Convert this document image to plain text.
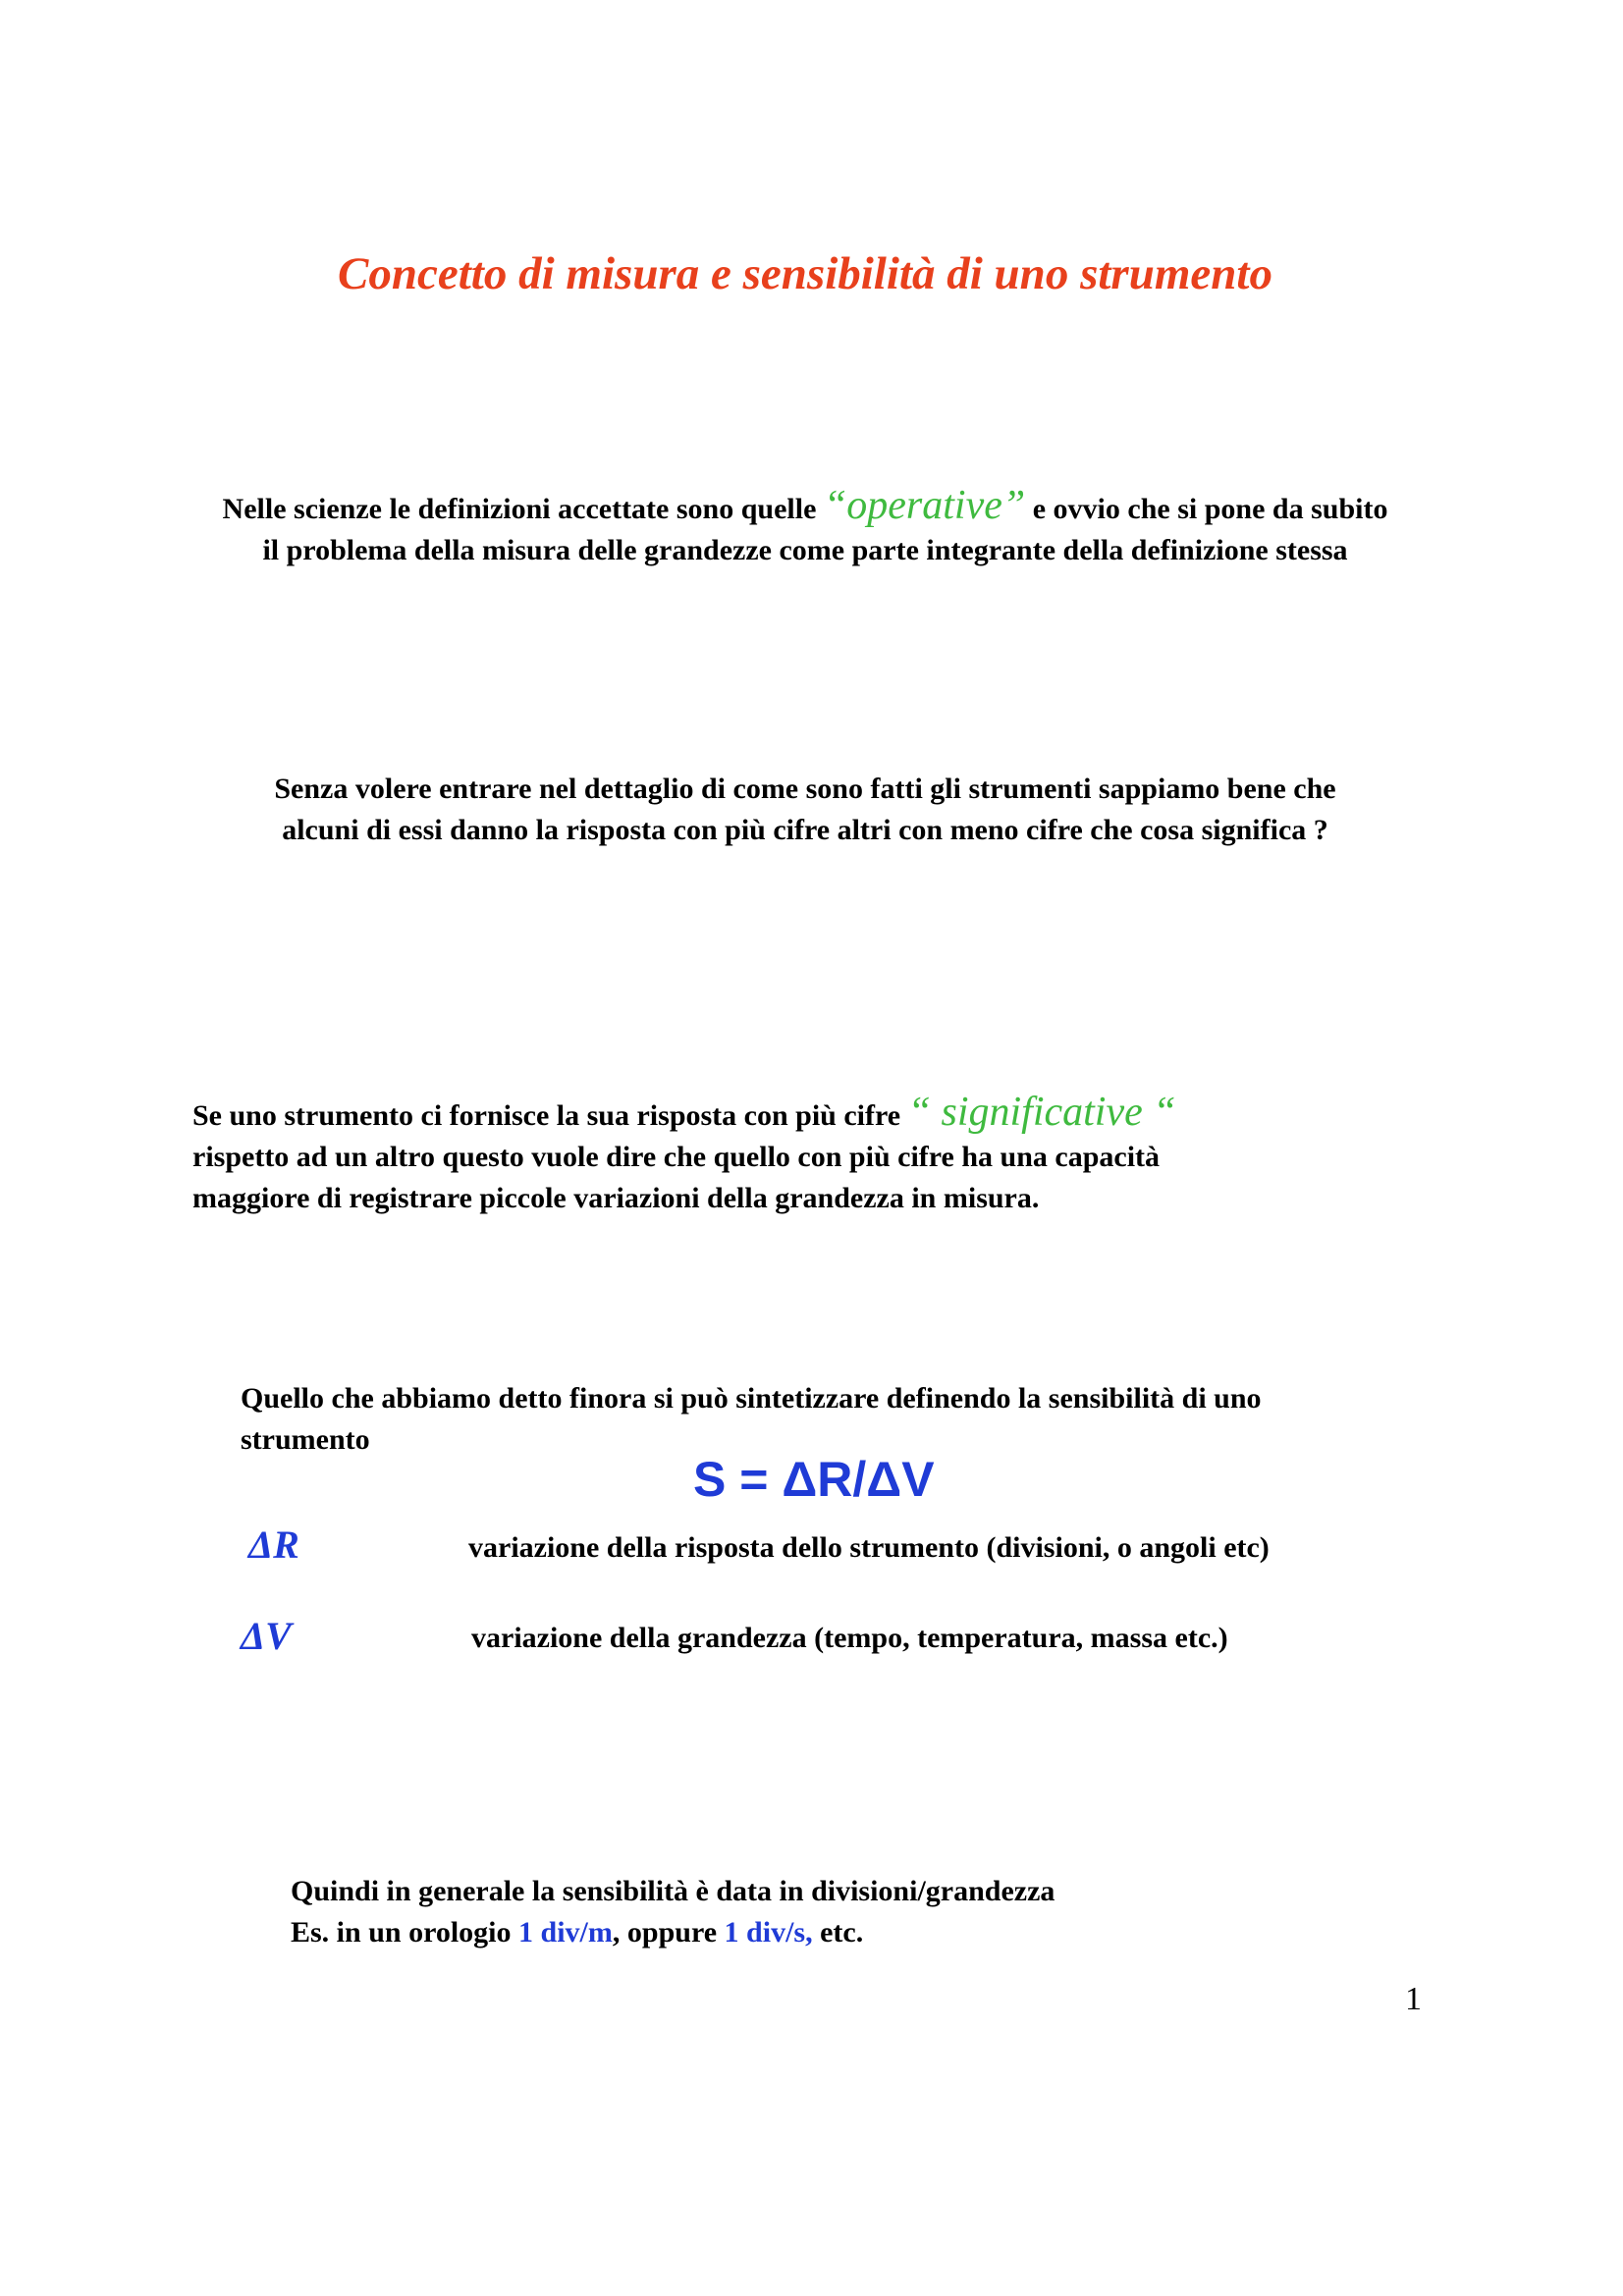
Concetto di misura e sensibilità di uno strumento
Nelle scienze le definizioni accettate sono quelle “operative” e ovvio che si pone da subito
il problema della misura delle grandezze come parte integrante della definizione stessa
Senza volere entrare nel dettaglio di come sono fatti gli strumenti sappiamo bene che
alcuni di essi danno la risposta con più cifre altri con meno cifre che cosa significa ?
Se uno strumento ci fornisce la sua risposta con più cifre “ significative “
rispetto ad un altro questo vuole dire che quello con più cifre ha una capacità
maggiore di registrare piccole variazioni della grandezza in misura.
Quello che abbiamo detto finora si può sintetizzare definendo la sensibilità di uno
strumento
S = ΔR/ΔV
ΔR	variazione della risposta dello strumento (divisioni, o angoli etc)
ΔV	variazione della grandezza (tempo, temperatura, massa etc.)
Quindi in generale la sensibilità è data in divisioni/grandezza
Es. in un orologio 1 div/m, oppure 1 div/s, etc.
1
